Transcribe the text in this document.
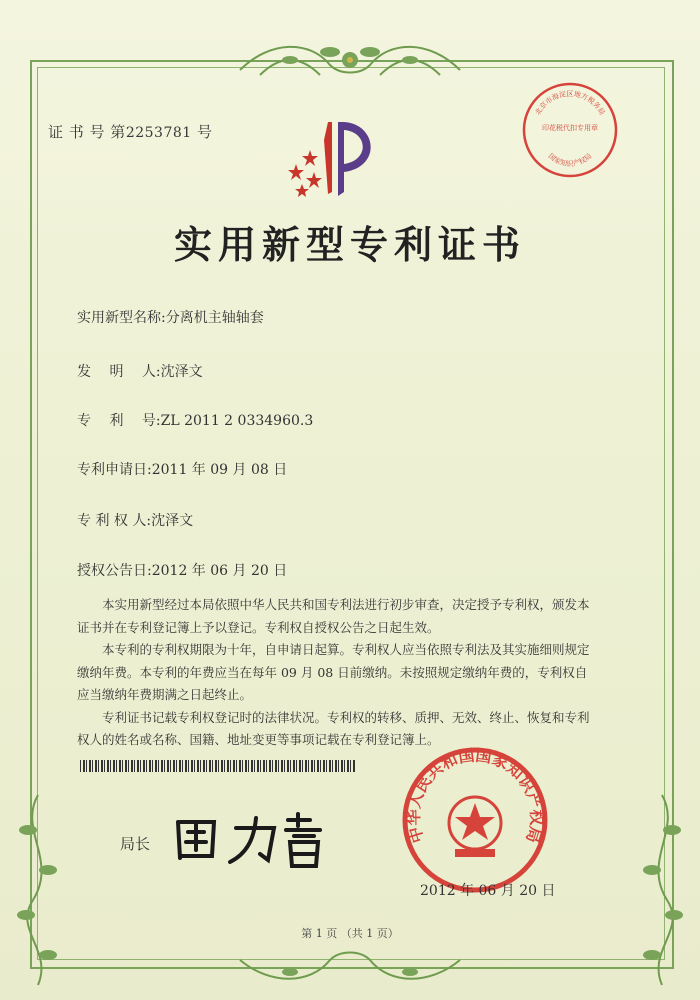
证 书 号 第2253781 号
北京市海淀区地方税务局
国家知识产权局
印花税代扣专用章
实用新型专利证书
实用新型名称:分离机主轴轴套
发　 明　 人:沈泽文
专　 利　 号:ZL 2011 2 0334960.3
专利申请日:2011 年 09 月 08 日
专 利 权 人:沈泽文
授权公告日:2012 年 06 月 20 日

本实用新型经过本局依照中华人民共和国专利法进行初步审查，决定授予专利权，颁发本证书并在专利登记簿上予以登记。专利权自授权公告之日起生效。

本专利的专利权期限为十年，自申请日起算。专利权人应当依照专利法及其实施细则规定缴纳年费。本专利的年费应当在每年 09 月 08 日前缴纳。未按照规定缴纳年费的，专利权自应当缴纳年费期满之日起终止。

专利证书记载专利权登记时的法律状况。专利权的转移、质押、无效、终止、恢复和专利权人的姓名或名称、国籍、地址变更等事项记载在专利登记簿上。

局长	中华人民共和国国家知识产权局
2012 年 06 月 20 日
第 1 页 （共 1 页）
